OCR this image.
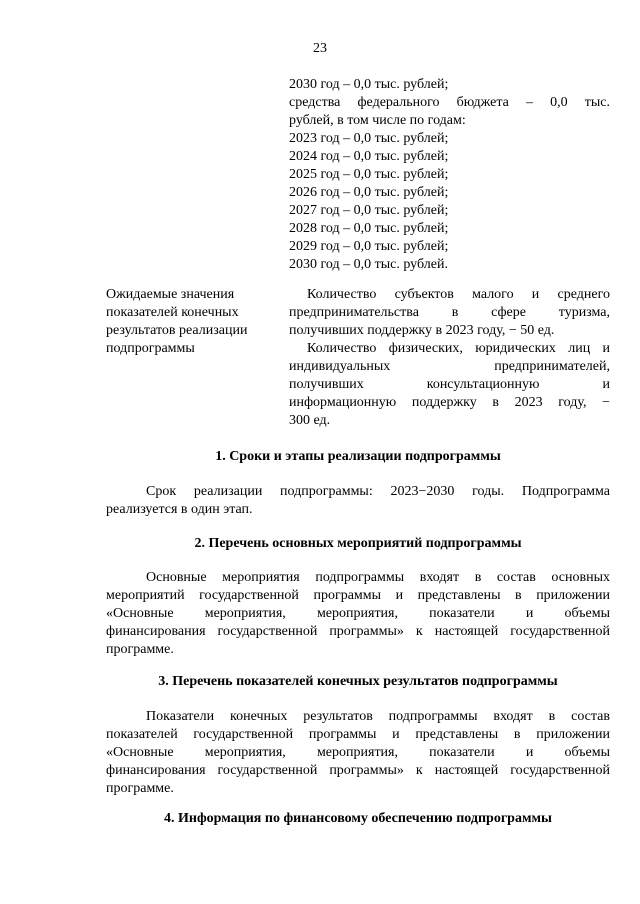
23
2030 год – 0,0 тыс. рублей;
средства федерального бюджета – 0,0 тыс.
рублей, в том числе по годам:
2023 год – 0,0 тыс. рублей;
2024 год – 0,0 тыс. рублей;
2025 год – 0,0 тыс. рублей;
2026 год – 0,0 тыс. рублей;
2027 год – 0,0 тыс. рублей;
2028 год – 0,0 тыс. рублей;
2029 год – 0,0 тыс. рублей;
2030 год – 0,0 тыс. рублей.
Ожидаемые значения
показателей конечных
результатов реализации
подпрограммы
Количество субъектов малого и среднего
предпринимательства в сфере туризма,
получивших поддержку в 2023 году, − 50 ед.
Количество физических, юридических лиц и
индивидуальных предпринимателей,
получивших консультационную и
информационную поддержку в 2023 году, −
300 ед.
1. Сроки и этапы реализации подпрограммы
Срок реализации подпрограммы: 2023−2030 годы. Подпрограмма
реализуется в один этап.
2. Перечень основных мероприятий подпрограммы
Основные мероприятия подпрограммы входят в состав основных
мероприятий государственной программы и представлены в приложении
«Основные мероприятия, мероприятия, показатели и объемы
финансирования государственной программы» к настоящей государственной
программе.
3. Перечень показателей конечных результатов подпрограммы
Показатели конечных результатов подпрограммы входят в состав
показателей государственной программы и представлены в приложении
«Основные мероприятия, мероприятия, показатели и объемы
финансирования государственной программы» к настоящей государственной
программе.
4. Информация по финансовому обеспечению подпрограммы
